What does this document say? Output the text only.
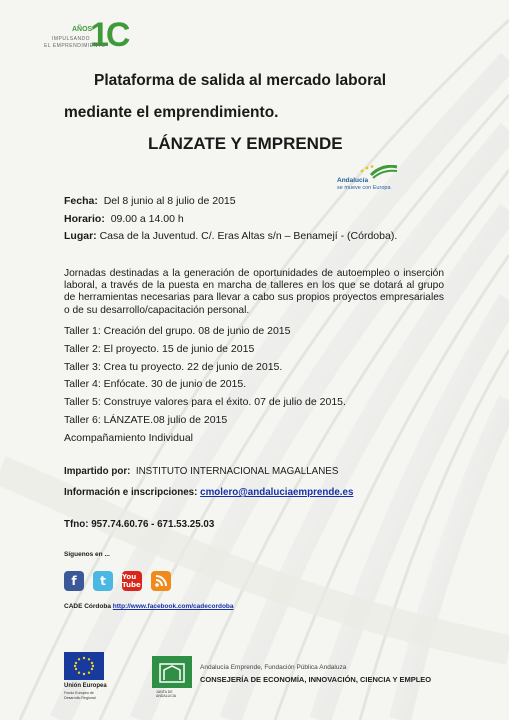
AÑOS
1C
IMPULSANDO
EL EMPRENDIMIENTO
Plataforma de salida al mercado laboral
mediante el emprendimiento.
LÁNZATE Y EMPRENDE
Andalucía
se mueve con Europa
Fecha: Del 8 junio al 8 julio de 2015
Horario: 09.00 a 14.00 h
Lugar: Casa de la Juventud. C/. Eras Altas s/n – Benamejí - (Córdoba).
Jornadas destinadas a la generación de oportunidades de autoempleo o inserción laboral, a través de la puesta en marcha de talleres en los que se dotará al grupo de herramientas necesarias para llevar a cabo sus propios proyectos empresariales o de su desarrollo/capacitación personal.
Taller 1: Creación del grupo. 08 de junio de 2015
Taller 2: El proyecto. 15 de junio de 2015
Taller 3: Crea tu proyecto. 22 de junio de 2015.
Taller 4: Enfócate. 30 de junio de 2015.
Taller 5: Construye valores para el éxito. 07 de julio de 2015.
Taller 6: LÁNZATE.08 julio de 2015
Acompañamiento Individual
Impartido por: INSTITUTO INTERNACIONAL MAGALLANES
Información e inscripciones: cmolero@andaluciaemprende.es
Tfno: 957.74.60.76 - 671.53.25.03
Síguenos en ...
f	t	You Tube
CADE Córdoba http://www.facebook.com/cadecordoba
Unión Europea
Fondo Europeo de Desarrollo Regional
JUNTA DE ANDALUCIA
Andalucía Emprende, Fundación Pública Andaluza
CONSEJERÍA DE ECONOMÍA, INNOVACIÓN, CIENCIA Y EMPLEO
